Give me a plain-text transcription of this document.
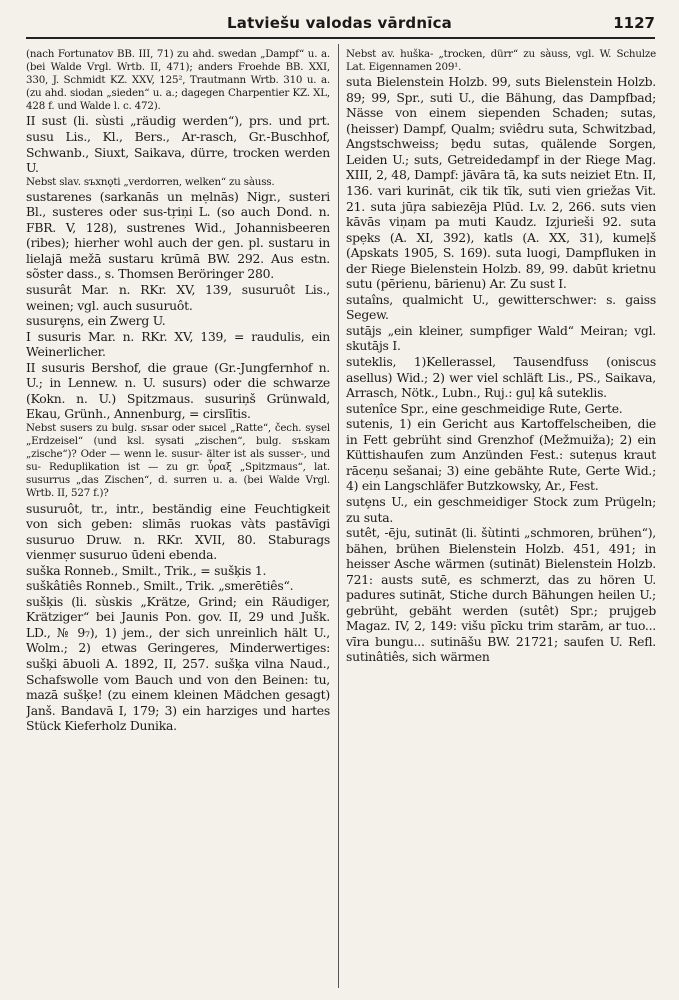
Latviešu valodas vārdnīca	1127

(nach Fortunatov BB. III, 71) zu ahd. swedan „Dampf“ u. a. (bei Walde Vrgl. Wrtb. II, 471); anders Froehde BB. XXI, 330, J. Schmidt KZ. XXV, 125², Trautmann Wrtb. 310 u. a. (zu ahd. siodan „sieden“ u. a.; dagegen Charpentier KZ. XL, 428 f. und Walde l. c. 472).

II sust (li. sùsti „räudig werden“), prs. und prt. susu Lis., Kl., Bers., Ar-rasch, Gr.-Buschhof, Schwanb., Siuxt, Saikava, dürre, trocken werden U.

Nebst slav. sъхnǫti „verdorren, welken“ zu sàuss.

sustarenes (sarkanās un mẹlnās) Nigr., susteri Bl., susteres oder sus-tr̦iņi L. (so auch Dond. n. FBR. V, 128), sustrenes Wid., Johannisbeeren (ribes); hierher wohl auch der gen. pl. sustaru in lielajā mežā sustaru krūmā BW. 292. Aus estn. sõster dass., s. Thomsen Beröringer 280.

susurât Mar. n. RKr. XV, 139, susuruôt Lis., weinen; vgl. auch susuruôt.

susurȩns, ein Zwerg U.

I susuris Mar. n. RKr. XV, 139, = raudulis, ein Weinerlicher.

II susuris Bershof, die graue (Gr.-Jungfernhof n. U.; in Lennew. n. U. susurs) oder die schwarze (Kokn. n. U.) Spitzmaus. susuriņš Grünwald, Ekau, Grünh., Annenburg, = cirslītis.

Nebst susers zu bulg. sъsar oder sысel „Ratte“, čech. sysel „Erdzeisel“ (und ksl. sysati „zischen“, bulg. sъskam „zische“)? Oder — wenn le. susur- älter ist als susser-, und su- Reduplikation ist — zu gr. ὗραξ „Spitzmaus“, lat. susurrus „das Zischen“, d. surren u. a. (bei Walde Vrgl. Wrtb. II, 527 f.)?

susuruôt, tr., intr., beständig eine Feuchtigkeit von sich geben: slimās ruokas vàts pastāvīgi susuruo Druw. n. RKr. XVII, 80. Staburags vienmẹr susuruo ūdeni ebenda.

suška Ronneb., Smilt., Trik., = sušķis 1.

suškâtiês Ronneb., Smilt., Trik. „smerētiês“.

sušķis (li. sùskis „Krätze, Grind; ein Räudiger, Krätziger“ bei Jaunis Pon. gov. II, 29 und Jušk. LD., № 9₇), 1) jem., der sich unreinlich hält U., Wolm.; 2) etwas Geringeres, Minderwertiges: sušķi ābuoli A. 1892, II, 257. sušķa vilna Naud., Schafswolle vom Bauch und von den Beinen: tu, mazā sušķe! (zu einem kleinen Mädchen gesagt) Janš. Bandavā I, 179; 3) ein harziges und hartes Stück Kieferholz Dunika.

Nebst av. huška- „trocken, dürr“ zu sàuss, vgl. W. Schulze Lat. Eigennamen 209¹.

suta Bielenstein Holzb. 99, suts Bielenstein Holzb. 89; 99, Spr., suti U., die Bähung, das Dampfbad; Nässe von einem siependen Schaden; sutas, (heisser) Dampf, Qualm; sviêdru suta, Schwitzbad, Angstschweiss; bẹdu sutas, quälende Sorgen, Leiden U.; suts, Getreidedampf in der Riege Mag. XIII, 2, 48, Dampf: jāvāra tā, ka suts neiziet Etn. II, 136. vari kurināt, cik tik tīk, suti vien griežas Vit. 21. suta jūŗa sabiezēja Plūd. Lv. 2, 266. suts vien kāvās viņam pa muti Kaudz. Izjurieši 92. suta spẹks (A. XI, 392), katls (A. XX, 31), kumeļš (Apskats 1905, S. 169). suta luogi, Dampfluken in der Riege Bielenstein Holzb. 89, 99. dabūt krietnu sutu (pērienu, bārienu) Ar. Zu sust I.

sutaîns, qualmicht U., gewitterschwer: s. gaiss Segew.

sutājs „ein kleiner, sumpfiger Wald“ Meiran; vgl. skutājs I.

suteklis, 1)Kellerassel, Tausendfuss (oniscus asellus) Wid.; 2) wer viel schläft Lis., PS., Saikava, Arrasch, Nötk., Lubn., Ruj.: guļ kâ suteklis.

sutenîce Spr., eine geschmeidige Rute, Gerte.

sutenis, 1) ein Gericht aus Kartoffelscheiben, die in Fett gebrüht sind Grenzhof (Mežmuiža); 2) ein Küttishaufen zum Anzünden Fest.: suteņus kraut rāceņu sešanai; 3) eine gebähte Rute, Gerte Wid.; 4) ein Langschläfer Butzkowsky, Ar., Fest.

sutȩns U., ein geschmeidiger Stock zum Prügeln; zu suta.

sutêt, -ēju, sutināt (li. šùtinti „schmoren, brühen“), bähen, brühen Bielenstein Holzb. 451, 491; in heisser Asche wärmen (sutināt) Bielenstein Holzb. 721: austs sutē, es schmerzt, das zu hören U. padures sutināt, Stiche durch Bähungen heilen U.; gebrüht, gebäht werden (sutêt) Spr.; prujgeb Magaz. IV, 2, 149: višu pīcku trim starām, ar tuo... vīra bungu... sutināšu BW. 21721; saufen U. Refl. sutinâtiês, sich wärmen
